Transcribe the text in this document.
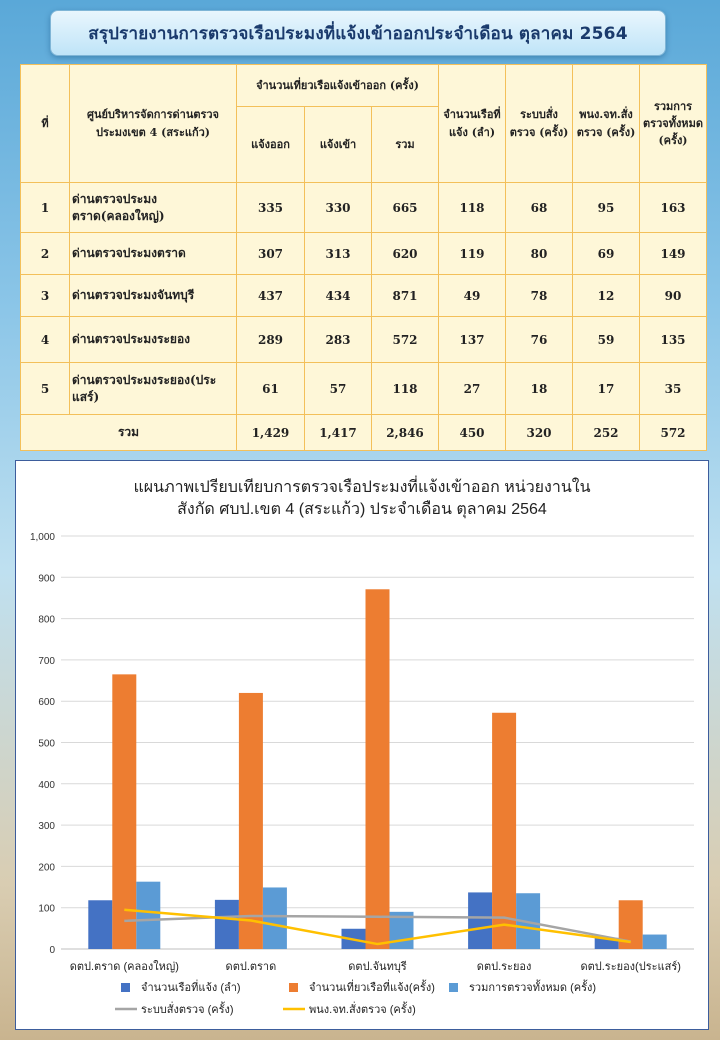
สรุปรายงานการตรวจเรือประมงที่แจ้งเข้าออกประจำเดือน ตุลาคม 2564
ที่	ศูนย์บริหารจัดการด่านตรวจประมงเขต 4 (สระแก้ว)	จำนวนเที่ยวเรือแจ้งเข้าออก (ครั้ง)			จำนวนเรือที่แจ้ง (ลำ)	ระบบสั่งตรวจ (ครั้ง)	พนง.จท.สั่งตรวจ (ครั้ง)	รวมการตรวจทั้งหมด (ครั้ง)
		แจ้งออก	แจ้งเข้า	รวม				
1	ด่านตรวจประมงตราด(คลองใหญ่)	335	330	665	118	68	95	163
2	ด่านตรวจประมงตราด	307	313	620	119	80	69	149
3	ด่านตรวจประมงจันทบุรี	437	434	871	49	78	12	90
4	ด่านตรวจประมงระยอง	289	283	572	137	76	59	135
5	ด่านตรวจประมงระยอง(ประแสร์)	61	57	118	27	18	17	35
รวม		1,429	1,417	2,846	450	320	252	572
แผนภาพเปรียบเทียบการตรวจเรือประมงที่แจ้งเข้าออก หน่วยงานใน
สังกัด ศบป.เขต 4 (สระแก้ว) ประจำเดือน ตุลาคม 2564
0
100
200
300
400
500
600
700
800
900
1,000
ดตป.ตราด (คลองใหญ่)	ดตป.ตราด	ดตป.จันทบุรี	ดตป.ระยอง	ดตป.ระยอง(ประแสร์)
จำนวนเรือที่แจ้ง (ลำ)	จำนวนเที่ยวเรือที่แจ้ง(ครั้ง)	รวมการตรวจทั้งหมด (ครั้ง)
ระบบสั่งตรวจ (ครั้ง)	พนง.จท.สั่งตรวจ (ครั้ง)
